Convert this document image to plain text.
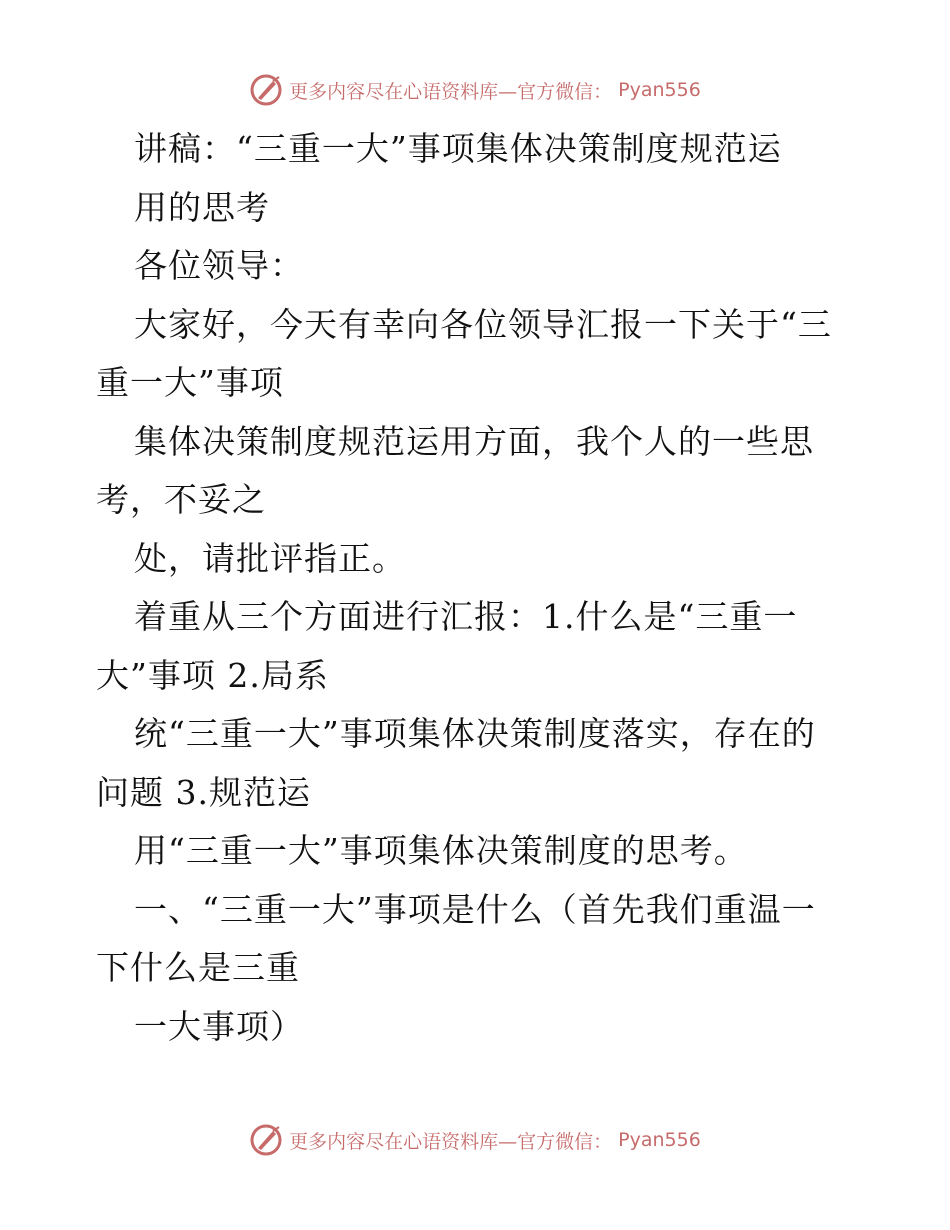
更多内容尽在心语资料库—官方微信： Pyan556
讲稿：“三重一大”事项集体决策制度规范运
用的思考
各位领导：
大家好，今天有幸向各位领导汇报一下关于“三
重一大”事项
集体决策制度规范运用方面，我个人的一些思
考，不妥之
处，请批评指正。
着重从三个方面进行汇报：1.什么是“三重一
大”事项 2.局系
统“三重一大”事项集体决策制度落实，存在的
问题 3.规范运
用“三重一大”事项集体决策制度的思考。
一、“三重一大”事项是什么（首先我们重温一
下什么是三重
一大事项）
更多内容尽在心语资料库—官方微信： Pyan556
